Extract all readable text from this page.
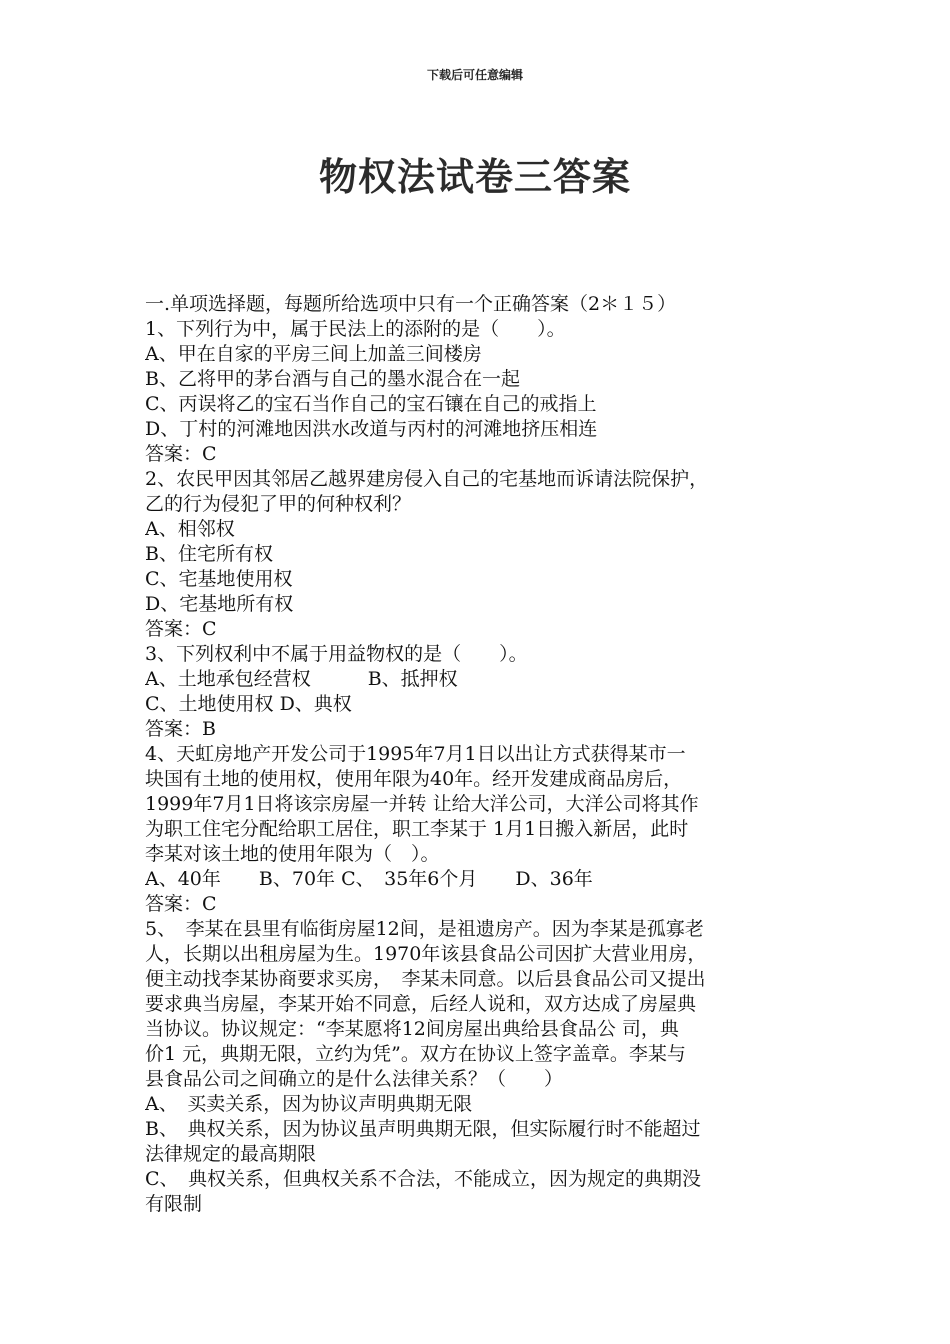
下载后可任意编辑
物权法试卷三答案
一.单项选择题，每题所给选项中只有一个正确答案（2＊１５）
1、下列行为中，属于民法上的添附的是（　　）。
A、甲在自家的平房三间上加盖三间楼房
B、乙将甲的茅台酒与自己的墨水混合在一起
C、丙误将乙的宝石当作自己的宝石镶在自己的戒指上
D、丁村的河滩地因洪水改道与丙村的河滩地挤压相连
答案：C
2、农民甲因其邻居乙越界建房侵入自己的宅基地而诉请法院保护，
乙的行为侵犯了甲的何种权利？
A、相邻权
B、住宅所有权
C、宅基地使用权
D、宅基地所有权
答案：C
3、下列权利中不属于用益物权的是（　　）。
A、土地承包经营权　　　B、抵押权
C、土地使用权 D、典权
答案：B
4、天虹房地产开发公司于1995年7月1日以出让方式获得某市一
块国有土地的使用权，使用年限为40年。经开发建成商品房后，
1999年7月1日将该宗房屋一并转 让给大洋公司，大洋公司将其作
为职工住宅分配给职工居住，职工李某于 1月1日搬入新居，此时
李某对该土地的使用年限为（　）。
A、40年　　B、70年 C、　35年6个月　　D、36年
答案：C
5、　李某在县里有临街房屋12间，是祖遗房产。因为李某是孤寡老
人，长期以出租房屋为生。1970年该县食品公司因扩大营业用房，
便主动找李某协商要求买房，　李某未同意。以后县食品公司又提出
要求典当房屋，李某开始不同意，后经人说和，双方达成了房屋典
当协议。协议规定：“李某愿将12间房屋出典给县食品公 司，典
价1 元，典期无限，立约为凭”。双方在协议上签字盖章。李某与
县食品公司之间确立的是什么法律关系？（　　）
A、　买卖关系，因为协议声明典期无限
B、　典权关系，因为协议虽声明典期无限，但实际履行时不能超过
法律规定的最高期限
C、　典权关系，但典权关系不合法，不能成立，因为规定的典期没
有限制
